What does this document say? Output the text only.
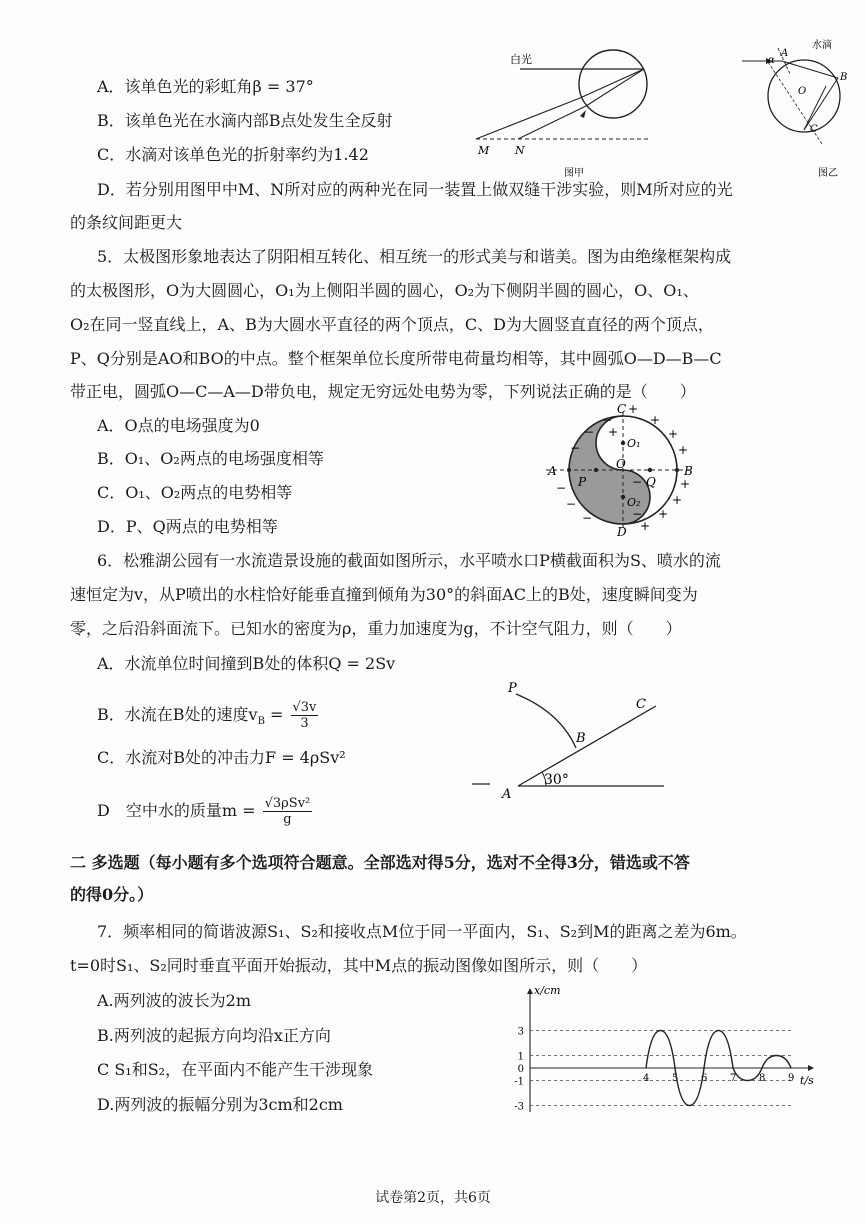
A．该单色光的彩虹角β = 37°
B．该单色光在水滴内部B点处发生全反射
C．水滴对该单色光的折射率约为1.42
D．若分别用图甲中M、N所对应的两种光在同一装置上做双缝干涉实验，则M所对应的光
的条纹间距更大
白光
M N
图甲
水滴
A
α
B
O
C
图乙
5．太极图形象地表达了阴阳相互转化、相互统一的形式美与和谐美。图为由绝缘框架构成
的太极图形，O为大圆圆心，O₁为上侧阳半圆的圆心，O₂为下侧阴半圆的圆心，O、O₁、
O₂在同一竖直线上，A、B为大圆水平直径的两个顶点，C、D为大圆竖直直径的两个顶点，
P、Q分别是AO和BO的中点。整个框架单位长度所带电荷量均相等，其中圆弧O—D—B—C
带正电，圆弧O—C—A—D带负电，规定无穷远处电势为零，下列说法正确的是（　　）
A．O点的电场强度为0
B．O₁、O₂两点的电场强度相等
C．O₁、O₂两点的电势相等
D．P、Q两点的电势相等
C
D
A	B
O
O₁
O₂
P	Q
+
+
+
+
+
+
+
+
+
−
−
−
−
−
−
−
−
6．松雅湖公园有一水流造景设施的截面如图所示，水平喷水口P横截面积为S、喷水的流
速恒定为v，从P喷出的水柱恰好能垂直撞到倾角为30°的斜面AC上的B处，速度瞬间变为
零，之后沿斜面流下。已知水的密度为ρ，重力加速度为g，不计空气阻力，则（　　）
A．水流单位时间撞到B处的体积Q = 2Sv
B．水流在B处的速度$v_B = \frac{√3v}{3}$
C．水流对B处的冲击力F = 4ρSv²
D　空中水的质量$m = \frac{\text{√3ρSv²}}{g}$
P
C
B
A
30°
二 多选题（每小题有多个选项符合题意。全部选对得5分，选对不全得3分，错选或不答
的得0分。）
7．频率相同的简谐波源S₁、S₂和接收点M位于同一平面内，S₁、S₂到M的距离之差为6m。
t=0时S₁、S₂同时垂直平面开始振动，其中M点的振动图像如图所示，则（　　）
A.两列波的波长为2m
B.两列波的起振方向均沿x正方向
C S₁和S₂，在平面内不能产生干涉现象
D.两列波的振幅分别为3cm和2cm
3
1
0
-1
-3
4 5 6 7 8 9
x/cm
t/s
试卷第2页，共6页
